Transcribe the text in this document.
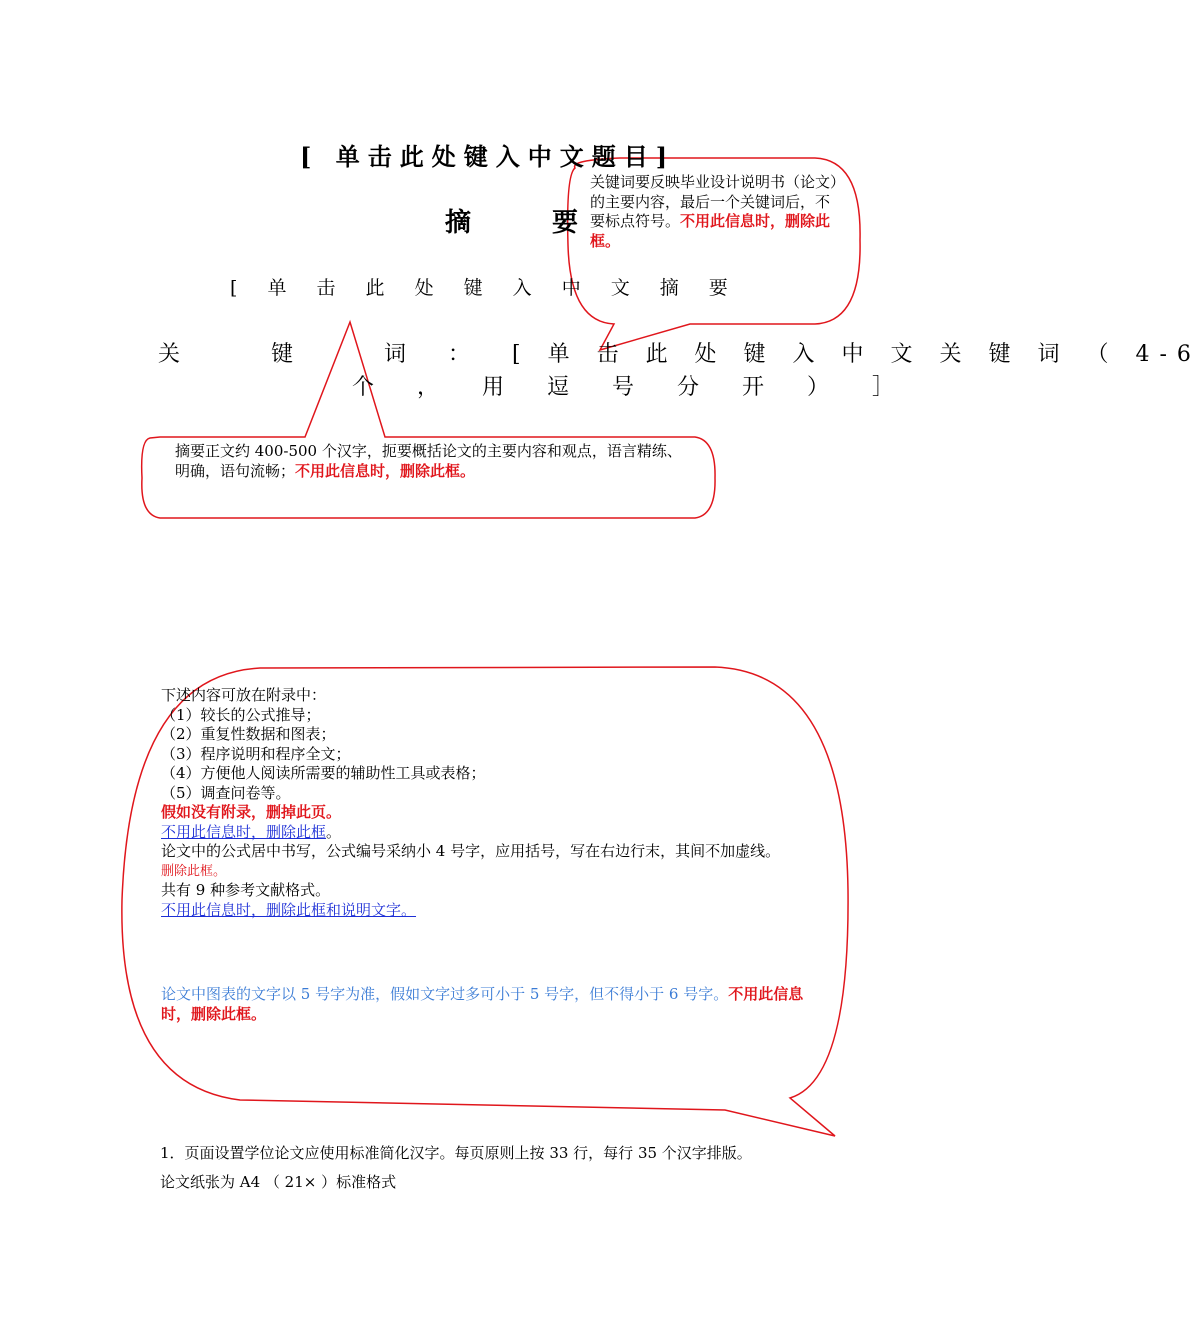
[ 单击此处键入中文题目]
摘 要
[ 单 击 此 处 键 入 中 文 摘 要
关 键 词：[ 单 击 此 处 键 入 中 文 关 键 词 （ 4-6
个 ， 用 逗 号 分 开 ） ］
关键词要反映毕业设计说明书（论文）的主要内容，最后一个关键词后，不要标点符号。不用此信息时，删除此框。
摘要正文约 400-500 个汉字，扼要概括论文的主要内容和观点，语言精练、明确，语句流畅；不用此信息时，删除此框。
下述内容可放在附录中：
（1）较长的公式推导；
（2）重复性数据和图表；
（3）程序说明和程序全文；
（4）方便他人阅读所需要的辅助性工具或表格；
（5）调查问卷等。
假如没有附录，删掉此页。
不用此信息时，删除此框。
论文中的公式居中书写，公式编号采纳小 4 号字，应用括号，写在右边行末，其间不加虚线。
删除此框。
共有 9 种参考文献格式。
不用此信息时，删除此框和说明文字。
论文中图表的文字以 5 号字为准，假如文字过多可小于 5 号字，但不得小于 6 号字。不用此信息时，删除此框。
1．页面设置学位论文应使用标准简化汉字。每页原则上按 33 行，每行 35 个汉字排版。
论文纸张为 A4 （ 21× ）标准格式
